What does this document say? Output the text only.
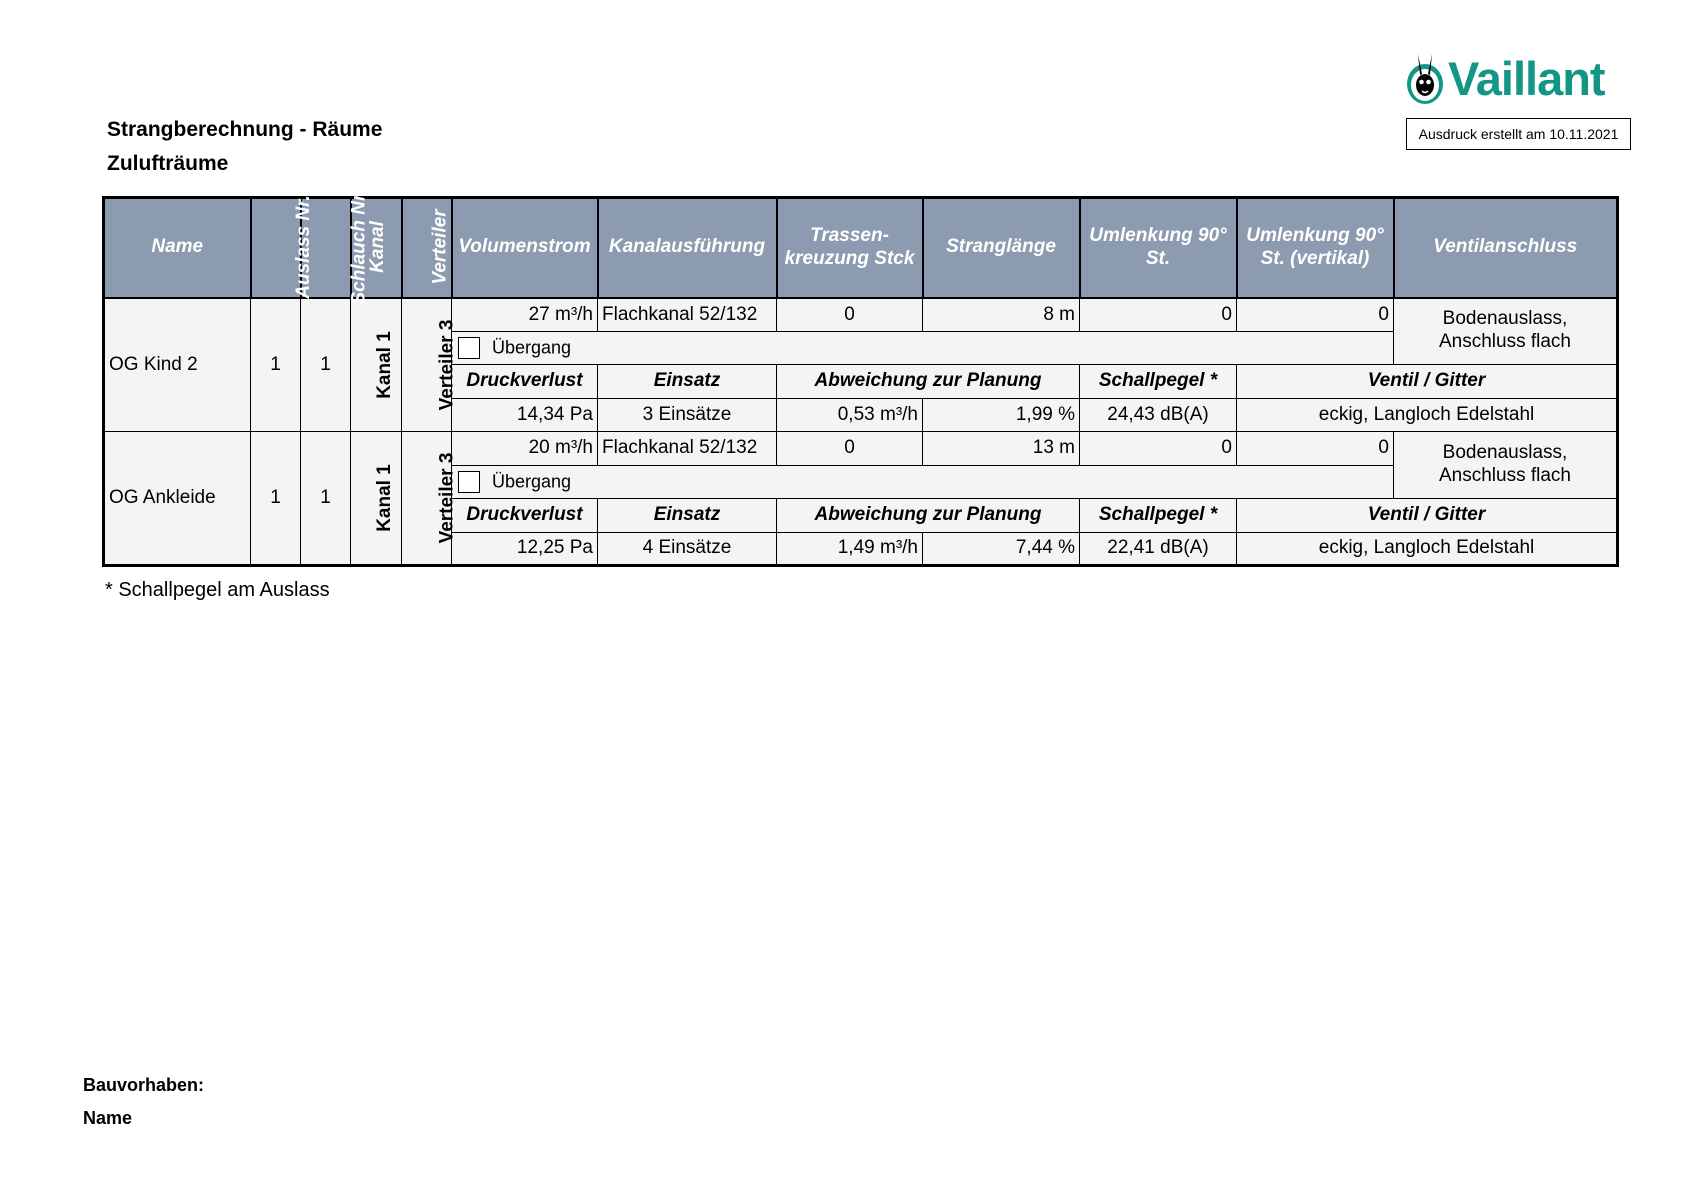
Vaillant
Ausdruck erstellt am 10.11.2021
Strangberechnung - Räume
Zulufträume
Name	Auslass Nr.	Schlauch Nr.	Kanal	Verteiler	Volumenstrom	Kanalausführung	Trassen-kreuzung Stck	Stranglänge	Umlenkung 90° St.	Umlenkung 90° St. (vertikal)	Ventilanschluss
OG Kind 2	1	1	Kanal 1	Verteiler 3	27 m³/h	Flachkanal 52/132	0	8 m	0	0	Bodenauslass, Anschluss flach
					Übergang						
					Druckverlust	Einsatz	Abweichung zur Planung		Schallpegel *	Ventil / Gitter	
					14,34 Pa	3 Einsätze	0,53 m³/h	1,99 %	24,43 dB(A)	eckig, Langloch Edelstahl	
OG Ankleide	1	1	Kanal 1	Verteiler 3	20 m³/h	Flachkanal 52/132	0	13 m	0	0	Bodenauslass, Anschluss flach
					Übergang						
					Druckverlust	Einsatz	Abweichung zur Planung		Schallpegel *	Ventil / Gitter	
					12,25 Pa	4 Einsätze	1,49 m³/h	7,44 %	22,41 dB(A)	eckig, Langloch Edelstahl	
* Schallpegel am Auslass
Bauvorhaben:
Name
